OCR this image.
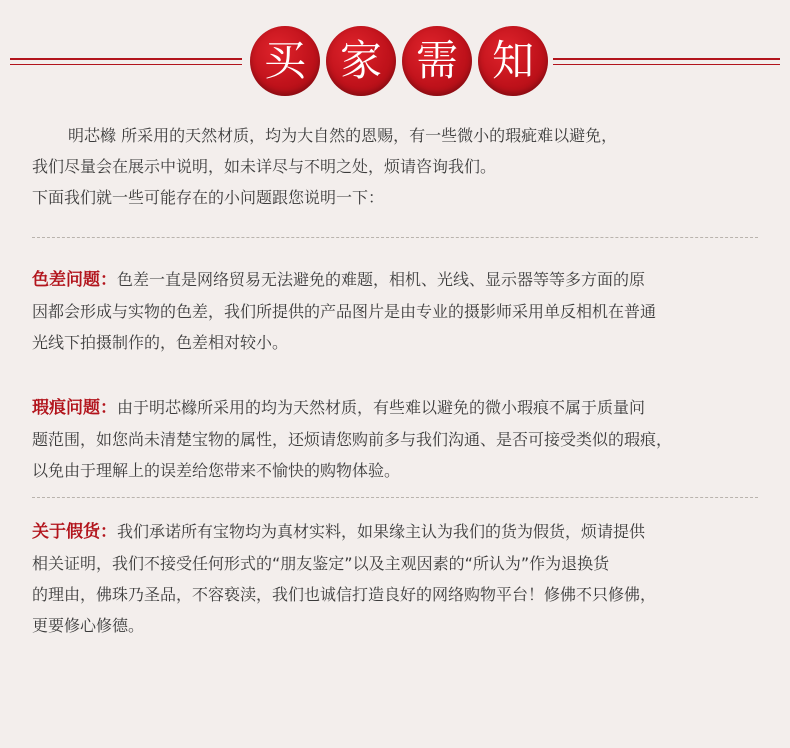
买 家 需 知

明芯橼 所采用的天然材质，均为大自然的恩赐，有一些微小的瑕疵难以避免，

我们尽量会在展示中说明，如未详尽与不明之处，烦请咨询我们。

下面我们就一些可能存在的小问题跟您说明一下：

色差问题：色差一直是网络贸易无法避免的难题，相机、光线、显示器等等多方面的原

因都会形成与实物的色差，我们所提供的产品图片是由专业的摄影师采用单反相机在普通

光线下拍摄制作的，色差相对较小。

瑕痕问题：由于明芯橼所采用的均为天然材质，有些难以避免的微小瑕痕不属于质量问

题范围，如您尚未清楚宝物的属性，还烦请您购前多与我们沟通、是否可接受类似的瑕痕，

以免由于理解上的误差给您带来不愉快的购物体验。

关于假货：我们承诺所有宝物均为真材实料，如果缘主认为我们的货为假货，烦请提供

相关证明，我们不接受任何形式的“朋友鉴定”以及主观因素的“所认为”作为退换货

的理由，佛珠乃圣品，不容亵渎，我们也诚信打造良好的网络购物平台！修佛不只修佛，

更要修心修德。
